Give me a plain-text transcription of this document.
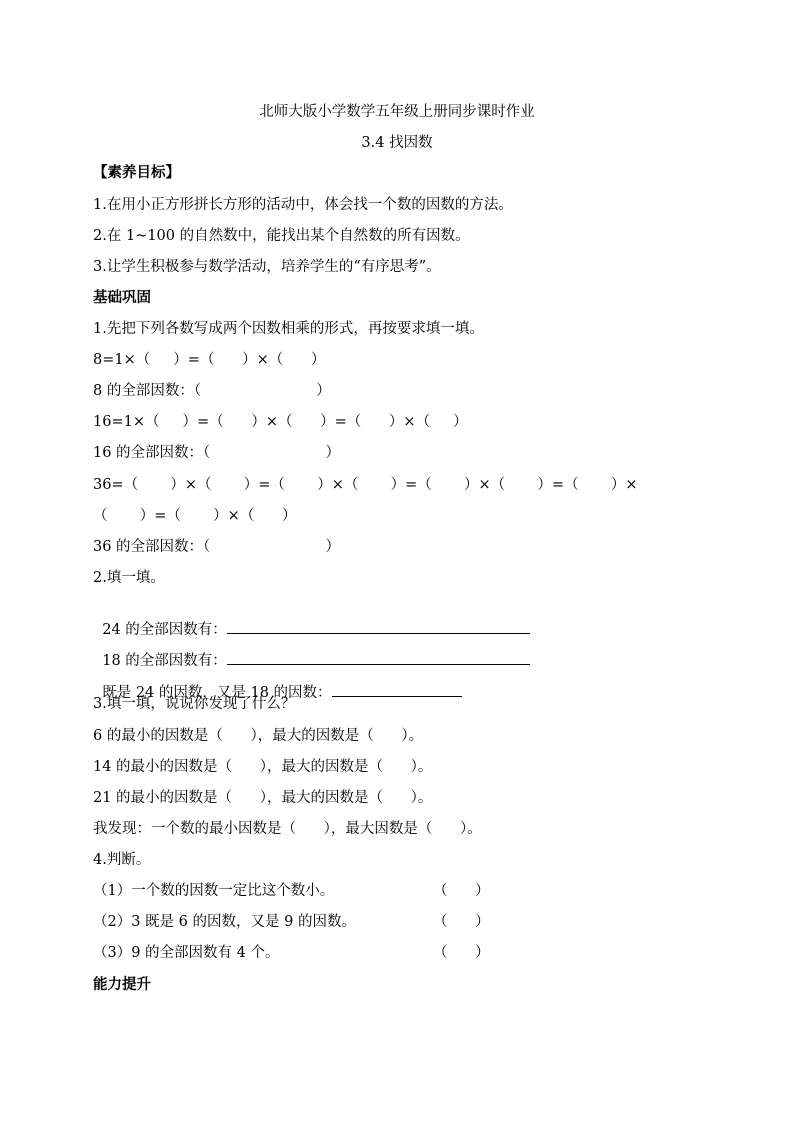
北师大版小学数学五年级上册同步课时作业
3.4 找因数
【素养目标】
1.在用小正方形拼长方形的活动中，体会找一个数的因数的方法。
2.在 1~100 的自然数中，能找出某个自然数的所有因数。
3.让学生积极参与数学活动，培养学生的“有序思考”。
基础巩固
1.先把下列各数写成两个因数相乘的形式，再按要求填一填。
8=1×（     ）=（      ）×（      ）
8 的全部因数：（                         ）
16=1×（     ）=（      ）×（      ）=（      ）×（     ）
16 的全部因数：（                         ）
36=（       ）×（       ）=（       ）×（       ）=（       ）×（       ）=（       ）×
（       ）=（       ）×（      ）
36 的全部因数：（                         ）
2.填一填。

24 的全部因数有：

18 的全部因数有：

既是 24 的因数，又是 18 的因数：

3.填一填，说说你发现了什么？
6 的最小的因数是（      ），最大的因数是（      ）。
14 的最小的因数是（      ），最大的因数是（      ）。
21 的最小的因数是（      ），最大的因数是（      ）。
我发现：一个数的最小因数是（      ），最大因数是（      ）。
4.判断。
（1）一个数的因数一定比这个数小。	（      ）
（2）3 既是 6 的因数，又是 9 的因数。	（      ）
（3）9 的全部因数有 4 个。	（      ）
能力提升
